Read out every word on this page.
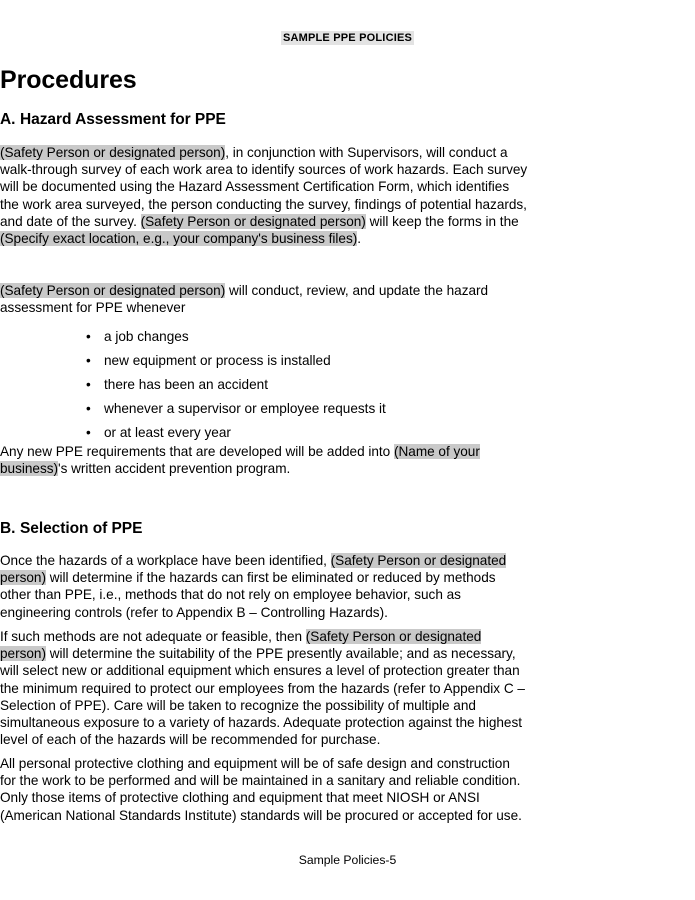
SAMPLE PPE POLICIES
Procedures
A. Hazard Assessment for PPE

(Safety Person or designated person), in conjunction with Supervisors, will conduct a walk-through survey of each work area to identify sources of work hazards. Each survey will be documented using the Hazard Assessment Certification Form, which identifies the work area surveyed, the person conducting the survey, findings of potential hazards, and date of the survey. (Safety Person or designated person) will keep the forms in the (Specify exact location, e.g., your company's business files).

(Safety Person or designated person) will conduct, review, and update the hazard assessment for PPE whenever

• a job changes
• new equipment or process is installed
• there has been an accident
• whenever a supervisor or employee requests it
• or at least every year

Any new PPE requirements that are developed will be added into (Name of your business)'s written accident prevention program.

B. Selection of PPE

Once the hazards of a workplace have been identified, (Safety Person or designated person) will determine if the hazards can first be eliminated or reduced by methods other than PPE, i.e., methods that do not rely on employee behavior, such as engineering controls (refer to Appendix B – Controlling Hazards).

If such methods are not adequate or feasible, then (Safety Person or designated person) will determine the suitability of the PPE presently available; and as necessary, will select new or additional equipment which ensures a level of protection greater than the minimum required to protect our employees from the hazards (refer to Appendix C – Selection of PPE). Care will be taken to recognize the possibility of multiple and simultaneous exposure to a variety of hazards. Adequate protection against the highest level of each of the hazards will be recommended for purchase.

All personal protective clothing and equipment will be of safe design and construction for the work to be performed and will be maintained in a sanitary and reliable condition. Only those items of protective clothing and equipment that meet NIOSH or ANSI (American National Standards Institute) standards will be procured or accepted for use.

Sample Policies-5
